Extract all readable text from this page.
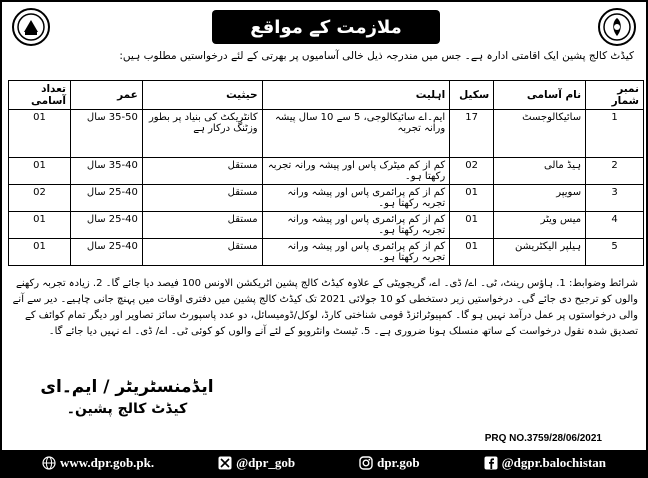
ملازمت کے مواقع
کیڈٹ کالج پشین ایک اقامتی ادارہ ہے۔ جس میں مندرجہ ذیل خالی آسامیوں پر بھرتی کے لئے درخواستیں مطلوب ہیں:
نمبر شمار	نام آسامی	سکیل	اہلیت	حیثیت	عمر	تعداد آسامی
1	سائیکالوجسٹ	17	ایم۔اے سائیکالوجی، 5 سے 10 سال پیشہ ورانہ تجربہ	کانٹریکٹ کی بنیاد پر بطور وزٹنگ درکار ہے	35-50 سال	01
2	ہیڈ مالی	02	کم از کم میٹرک پاس اور پیشہ ورانہ تجربہ رکھتا ہو۔	مستقل	35-40 سال	01
3	سویپر	01	کم از کم پرائمری پاس اور پیشہ ورانہ تجربہ رکھتا ہو۔	مستقل	25-40 سال	02
4	میس ویٹر	01	کم از کم پرائمری پاس اور پیشہ ورانہ تجربہ رکھتا ہو۔	مستقل	25-40 سال	01
5	ہیلپر الیکٹریشن	01	کم از کم پرائمری پاس اور پیشہ ورانہ تجربہ رکھتا ہو۔	مستقل	25-40 سال	01
شرائط وضوابط: 1. ہاؤس رینٹ، ٹی۔ اے/ ڈی۔ اے، گریجویٹی کے علاوہ کیڈٹ کالج پشین اٹریکشن الاونس 100 فیصد دیا جائے گا۔ 2. زیادہ تجربہ رکھنے والوں کو ترجیح دی جائے گی۔ درخواستیں زیر دستخطی کو 10 جولائی 2021 تک کیڈٹ کالج پشین میں دفتری اوقات میں پہنچ جانی چاہیے۔ دیر سے آنے والی درخواستوں پر عمل درآمد نہیں ہو گا۔ کمپیوٹرائزڈ قومی شناختی کارڈ، لوکل/ڈومیسائل، دو عدد پاسپورٹ سائز تصاویر اور دیگر تمام کوائف کے تصدیق شدہ نقول درخواست کے ساتھ منسلک ہونا ضروری ہے۔ 5. ٹیسٹ وانٹرویو کے لئے آنے والوں کو کوئی ٹی۔ اے/ ڈی۔ اے نہیں دیا جائے گا۔
ایڈمنسٹریٹر / ایم۔ای
کیڈٹ کالج پشین۔
PRQ NO.3759/28/06/2021
www.dpr.gob.pk.	@dpr_gob	dpr.gob	@dgpr.balochistan
